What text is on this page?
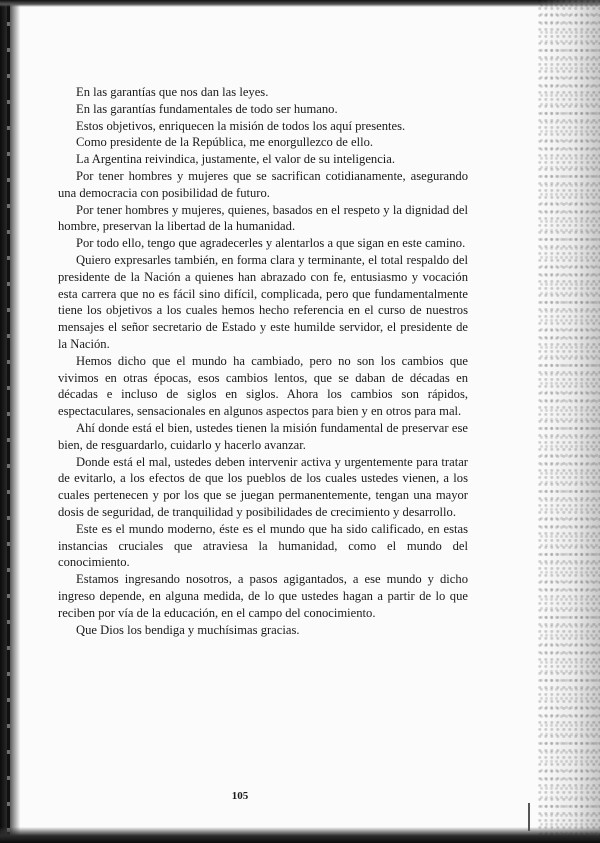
En las garantías que nos dan las leyes.

En las garantías fundamentales de todo ser humano.

Estos objetivos, enriquecen la misión de todos los aquí presentes.

Como presidente de la República, me enorgullezco de ello.

La Argentina reivindica, justamente, el valor de su inteligencia.

Por tener hombres y mujeres que se sacrifican cotidianamente, asegurando una democracia con posibilidad de futuro.

Por tener hombres y mujeres, quienes, basados en el respeto y la dignidad del hombre, preservan la libertad de la humanidad.

Por todo ello, tengo que agradecerles y alentarlos a que sigan en este camino.

Quiero expresarles también, en forma clara y terminante, el total respaldo del presidente de la Nación a quienes han abrazado con fe, entusiasmo y vocación esta carrera que no es fácil sino difícil, complicada, pero que fundamentalmente tiene los objetivos a los cuales hemos hecho referencia en el curso de nuestros mensajes el señor secretario de Estado y este humilde servidor, el presidente de la Nación.

Hemos dicho que el mundo ha cambiado, pero no son los cambios que vivimos en otras épocas, esos cambios lentos, que se daban de décadas en décadas e incluso de siglos en siglos. Ahora los cambios son rápidos, espectaculares, sensacionales en algunos aspectos para bien y en otros para mal.

Ahí donde está el bien, ustedes tienen la misión fundamental de preservar ese bien, de resguardarlo, cuidarlo y hacerlo avanzar.

Donde está el mal, ustedes deben intervenir activa y urgentemente para tratar de evitarlo, a los efectos de que los pueblos de los cuales ustedes vienen, a los cuales pertenecen y por los que se juegan permanentemente, tengan una mayor dosis de seguridad, de tranquilidad y posibilidades de crecimiento y desarrollo.

Este es el mundo moderno, éste es el mundo que ha sido calificado, en estas instancias cruciales que atraviesa la humanidad, como el mundo del conocimiento.

Estamos ingresando nosotros, a pasos agigantados, a ese mundo y dicho ingreso depende, en alguna medida, de lo que ustedes hagan a partir de lo que reciben por vía de la educación, en el campo del conocimiento.

Que Dios los bendiga y muchísimas gracias.

105
